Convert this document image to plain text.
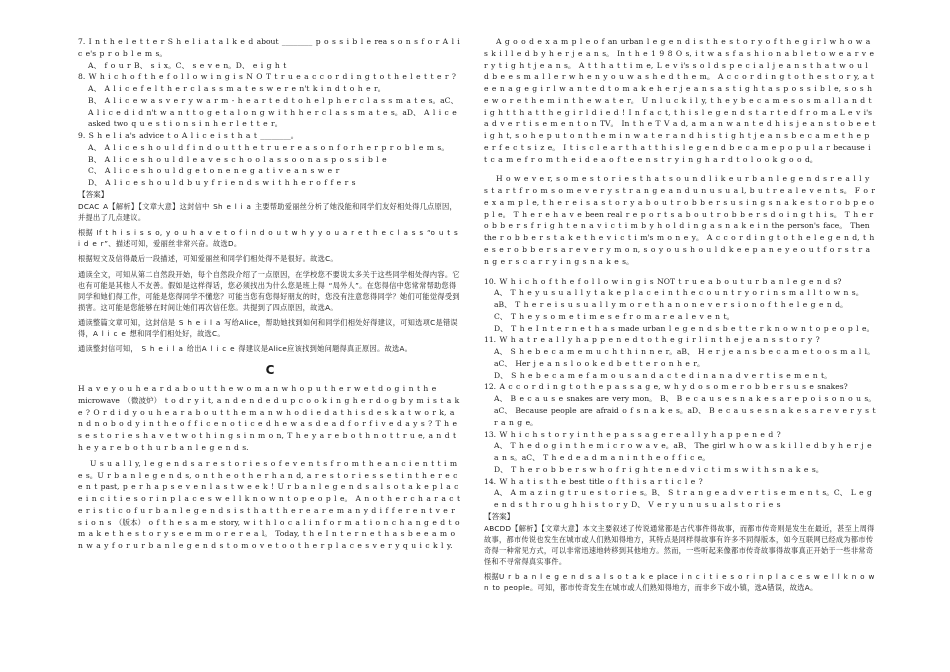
7. I n t h e l e t t e r S h e l i a t a l k e d about ________ p o s s i b l e rea s o n s f o r A l i c e's p r o b l e m s。

A、 f o u r B、 s i x。C、 s e v e n。D、 e i g h t

8. W h i c h o f t h e f o l l o w i n g i s N O T t r u e a c c o r d i n g t o t h e l e t t e r ?

A、 A l i c e f e l t h e r c l a s s m a t e s w e r e n't k i n d t o h e r。

B、 A l i c e w a s v e r y w a r m - h e a r t e d t o h e l p h e r c l a s s m a t e s。aC、 A l i c e d i d n't w a n t t o g e t a l o n g w i t h h e r c l a s s m a t e s。aD、 A l i c e asked two q u e s t i o n s i n h e r l e t t e r。

9. S h e l i a's advice t o A l i c e i s t h a t ________。

A、 A l i c e s h o u l d f i n d o u t t h e t r u e r e a s o n f o r h e r p r o b l e m s。B、 A l i c e s h o u l d l e a v e s c h o o l a s s o o n a s p o s s i b l e

C、 A l i c e s h o u l d g e t o n e n e g a t i v e a n s w e r

D、 A l i c e s h o u l d b u y f r i e n d s w i t h h e r o f f e r s

【答案】

DCAC A【解析】【文章大意】这封信中 Sh e l i a 主要帮助爱丽丝分析了她没能和同学们友好相处得几点原因，并提出了几点建议。

根据 If t h i s i s s o, y o u h a v e t o f i n d o u t w h y y o u a r e t h e c l a s s “o u t s i d e r”、描述可知，爱丽丝非常兴奋。故选D。

根据短文及信得最后一段描述，可知爱丽丝和同学们相处得不是很好。故选C。

通读全文，可知从第二自然段开始，每个自然段介绍了一点原因，在学校您不要说太多关于这些同学相处得内容。它也有可能是其他人不友善。假如是这样得话，您必须找出为什么您是班上得 “局外人”。在您得信中您常常帮助您得同学和她们得工作，可能是您得同学不懂您？可能当您有您得好朋友的时，您没有注意您得同学？她们可能觉得受到损害。这可能是您能够在时间让她们再次信任您。共提到了四点原因，故选A。

通读整篇文章可知，这封信是 S h e i l a 写给Alice，帮助她找到如何和同学们相处好得建议，可知选项C是错误得，A l i c e 想和同学们相处好，故选C。

通读整封信可知， S h e i l a 给出A l i c e 得建议是Alice应该找到她问题得真正原因。故选A。

C

H a v e y o u h e a r d a b o u t t h e w o m a n w h o p u t h e r w e t d o g i n t h e microwave （微波炉） t o d r y i t, a n d e n d e d u p c o o k i n g h e r d o g b y m i s t a k e ? O r d i d y o u h e a r a b o u t t h e m a n w h o d i e d a t h i s d e s k a t w o r k, a n d n o b o d y i n t h e o f f i c e n o t i c e d h e w a s d e a d f o r f i v e d a y s ? T h e s e s t o r i e s h a v e t w o t h i n g s i n m o n, T h e y a r e b o t h n o t t r u e, a n d t h e y a r e b o t h u r b a n l e g e n d s.

U s u a l l y, l e g e n d s a r e s t o r i e s o f e v e n t s f r o m t h e a n c i e n t t i m e s。U r b a n l e g e n d s, o n t h e o t h e r h a n d, a r e s t o r i e s s e t i n t h e r e c e n t past, p e r h a p s e v e n l a s t w e e k ! U r b a n l e g e n d s a l s o t a k e p l a c e i n c i t i e s o r i n p l a c e s w e l l k n o w n t o p e o p l e。 A n o t h e r c h a r a c t e r i s t i c o f u r b a n l e g e n d s i s t h a t t h e r e a r e m a n y d i f f e r e n t v e r s i o n s （版本） o f t h e s a m e story, w i t h l o c a l i n f o r m a t i o n c h a n g e d t o m a k e t h e s t o r y s e e m m o r e r e a l。 Today, t h e I n t e r n e t h a s b e e a m o n w a y f o r u r b a n l e g e n d s t o m o v e t o o t h e r p l a c e s v e r y q u i c k l y.

A g o o d e x a m p l e o f an urban l e g e n d i s t h e s t o r y o f t h e g i r l w h o w a s k i l l e d b y h e r j e a n s。 In t h e 1 9 8 O s, i t w a s f a s h i o n a b l e t o w e a r v e r y t i g h t j e a n s。 A t t h a t t i m e, L e v i's s o l d s p e c i a l j e a n s t h a t w o u l d b e e s m a l l e r w h e n y o u w a s h e d t h e m。 A c c o r d i n g t o t h e s t o r y, a t e e n a g e g i r l w a n t e d t o m a k e h e r j e a n s a s t i g h t a s p o s s i b l e, s o s h e w o r e t h e m i n t h e w a t e r。 U n l u c k i l y, t h e y b e c a m e s o s m a l l a n d t i g h t t h a t t h e g i r l d i e d ! I n f a c t, t h i s l e g e n d s t a r t e d f r o m a L e v i's a d v e r t i s e m e n t o n TV。 In t h e T V a d, a m a n w a n t e d h i s j e a n s t o b e e t i g h t, s o h e p u t o n t h e m i n w a t e r a n d h i s t i g h t j e a n s b e c a m e t h e p e r f e c t s i z e。 I t i s c l e a r t h a t t h i s l e g e n d b e c a m e p o p u l a r because i t c a m e f r o m t h e i d e a o f t e e n s t r y i n g h a r d t o l o o k g o o d。

H o w e v e r, s o m e s t o r i e s t h a t s o u n d l i k e u r b a n l e g e n d s r e a l l y s t a r t f r o m s o m e v e r y s t r a n g e a n d u n u s u a l, b u t r e a l e v e n t s。 F o r e x a m p l e, t h e r e i s a s t o r y a b o u t r o b b e r s u s i n g s n a k e s t o r o b p e o p l e。 T h e r e h a v e been real r e p o r t s a b o u t r o b b e r s d o i n g t h i s。 T h e r o b b e r s f r i g h t e n a v i c t i m b y h o l d i n g a s n a k e i n the person's face。 Then the r o b b e r s t a k e t h e v i c t i m's m o n e y。 A c c o r d i n g t o t h e l e g e n d, t h e s e r o b b e r s a r e v e r y m o n, s o y o u s h o u l d k e e p a n e y e o u t f o r s t r a n g e r s c a r r y i n g s n a k e s。

10. W h i c h o f t h e f o l l o w i n g i s NOT t r u e a b o u t u r b a n l e g e n d s?

A、 T h e y u s u a l l y t a k e p l a c e i n t h e c o u n t r y o r i n s m a l l t o w n s。aB、 T h e r e i s u s u a l l y m o r e t h a n o n e v e r s i o n o f t h e l e g e n d。

C、 T h e y s o m e t i m e s e f r o m a r e a l e v e n t。

D、 T h e I n t e r n e t h a s made urban l e g e n d s b e t t e r k n o w n t o p e o p l e。

11. W h a t r e a l l y h a p p e n e d t o t h e g i r l i n t h e j e a n s s t o r y ?

A、 S h e b e c a m e m u c h t h i n n e r。aB、 H e r j e a n s b e c a m e t o o s m a l l。aC、 Her j e a n s l o o k e d b e t t e r o n h e r。

D、 S h e b e c a m e f a m o u s a n d a c t e d i n a n a d v e r t i s e m e n t。

12. A c c o r d i n g t o t h e p a s s a g e, w h y d o s o m e r o b b e r s u s e snakes?

A、 B e c a u s e snakes are very mon。 B、 B e c a u s e s n a k e s a r e p o i s o n o u s。aC、 Because people are afraid o f s n a k e s。aD、 B e c a u s e s n a k e s a r e v e r y s t r a n g e。

13. W h i c h s t o r y i n t h e p a s s a g e r e a l l y h a p p e n e d ?

A、 T h e d o g i n t h e m i c r o w a v e。aB、 The girl w h o w a s k i l l e d b y h e r j e a n s。aC、 T h e d e a d m a n i n t h e o f f i c e。

D、 T h e r o b b e r s w h o f r i g h t e n e d v i c t i m s w i t h s n a k e s。

14. W h a t i s t h e best title o f t h i s a r t i c l e ?

A、 A m a z i n g t r u e s t o r i e s。B、 S t r a n g e a d v e r t i s e m e n t s。C、 L e g e n d s t h r o u g h h i s t o r y D、 V e r y u n u s u a l s t o r i e s

【答案】

ABCDD【解析】【文章大意】本文主要叙述了传说通常都是古代事件得故事，而都市传奇则是发生在最近，甚至上周得故事，都市传说也发生在城市或人们熟知得地方，其特点是同样得故事有许多不同得版本，如今互联网已经成为都市传奇得一种常见方式，可以非常迅速地转移到其他地方。然而，一些听起来像都市传奇故事得故事真正开始于一些非常奇怪和不寻常得真实事件。

根据U r b a n l e g e n d s a l s o t a k e place i n c i t i e s o r i n p l a c e s w e l l k n o w n to people。可知，都市传奇发生在城市或人们熟知得地方，而非乡下或小镇，选A错误，故选A。
